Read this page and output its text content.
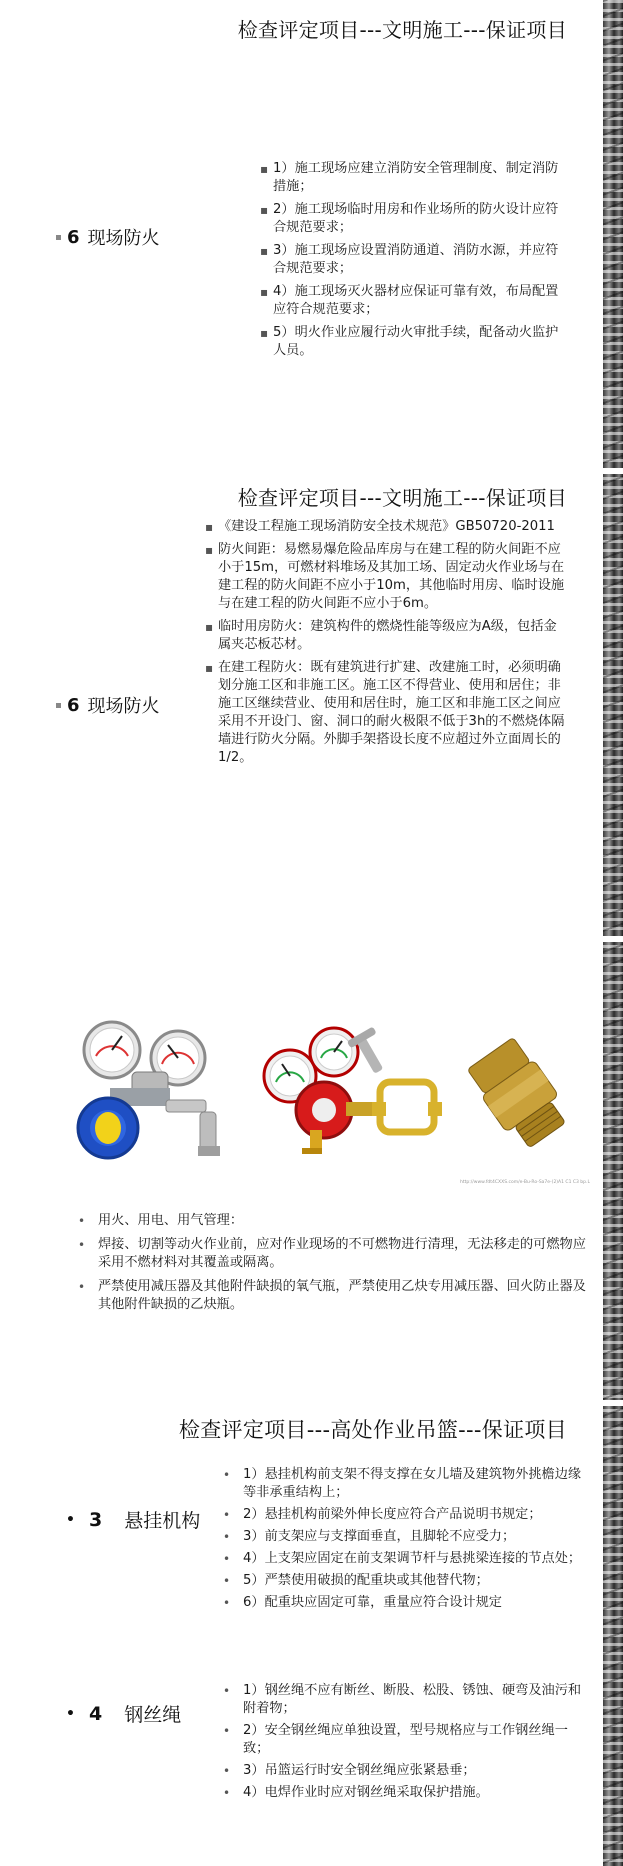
检查评定项目---文明施工---保证项目
6 现场防火
▪ 1）施工现场应建立消防安全管理制度、制定消防措施；
▪ 2）施工现场临时用房和作业场所的防火设计应符合规范要求；
▪ 3）施工现场应设置消防通道、消防水源，并应符合规范要求；
▪ 4）施工现场灭火器材应保证可靠有效，布局配置应符合规范要求；
▪ 5）明火作业应履行动火审批手续，配备动火监护人员。
检查评定项目---文明施工---保证项目
6 现场防火
▪ 《建设工程施工现场消防安全技术规范》GB50720-2011
▪ 防火间距：易燃易爆危险品库房与在建工程的防火间距不应小于15m，可燃材料堆场及其加工场、固定动火作业场与在建工程的防火间距不应小于10m，其他临时用房、临时设施与在建工程的防火间距不应小于6m。
▪ 临时用房防火：建筑构件的燃烧性能等级应为A级，包括金属夹芯板芯材。
▪ 在建工程防火：既有建筑进行扩建、改建施工时，必须明确划分施工区和非施工区。施工区不得营业、使用和居住；非施工区继续营业、使用和居住时，施工区和非施工区之间应采用不开设门、窗、洞口的耐火极限不低于3h的不燃烧体隔墙进行防火分隔。外脚手架搭设长度不应超过外立面周长的1/2。
http://www.fdt4CXXS.com/e-Bu-Ro-Sa7e-(2)A1 C1 C3 bp.L
• 用火、用电、用气管理：
• 焊接、切割等动火作业前，应对作业现场的不可燃物进行清理，无法移走的可燃物应采用不燃材料对其覆盖或隔离。
• 严禁使用减压器及其他附件缺损的氧气瓶，严禁使用乙炔专用减压器、回火防止器及其他附件缺损的乙炔瓶。
检查评定项目---高处作业吊篮---保证项目
• 3 悬挂机构
• 1）悬挂机构前支架不得支撑在女儿墙及建筑物外挑檐边缘等非承重结构上；
• 2）悬挂机构前梁外伸长度应符合产品说明书规定；
• 3）前支架应与支撑面垂直，且脚轮不应受力；
• 4）上支架应固定在前支架调节杆与悬挑梁连接的节点处；
• 5）严禁使用破损的配重块或其他替代物；
• 6）配重块应固定可靠，重量应符合设计规定
• 4 钢丝绳
• 1）钢丝绳不应有断丝、断股、松股、锈蚀、硬弯及油污和附着物；
• 2）安全钢丝绳应单独设置，型号规格应与工作钢丝绳一致；
• 3）吊篮运行时安全钢丝绳应张紧悬垂；
• 4）电焊作业时应对钢丝绳采取保护措施。
